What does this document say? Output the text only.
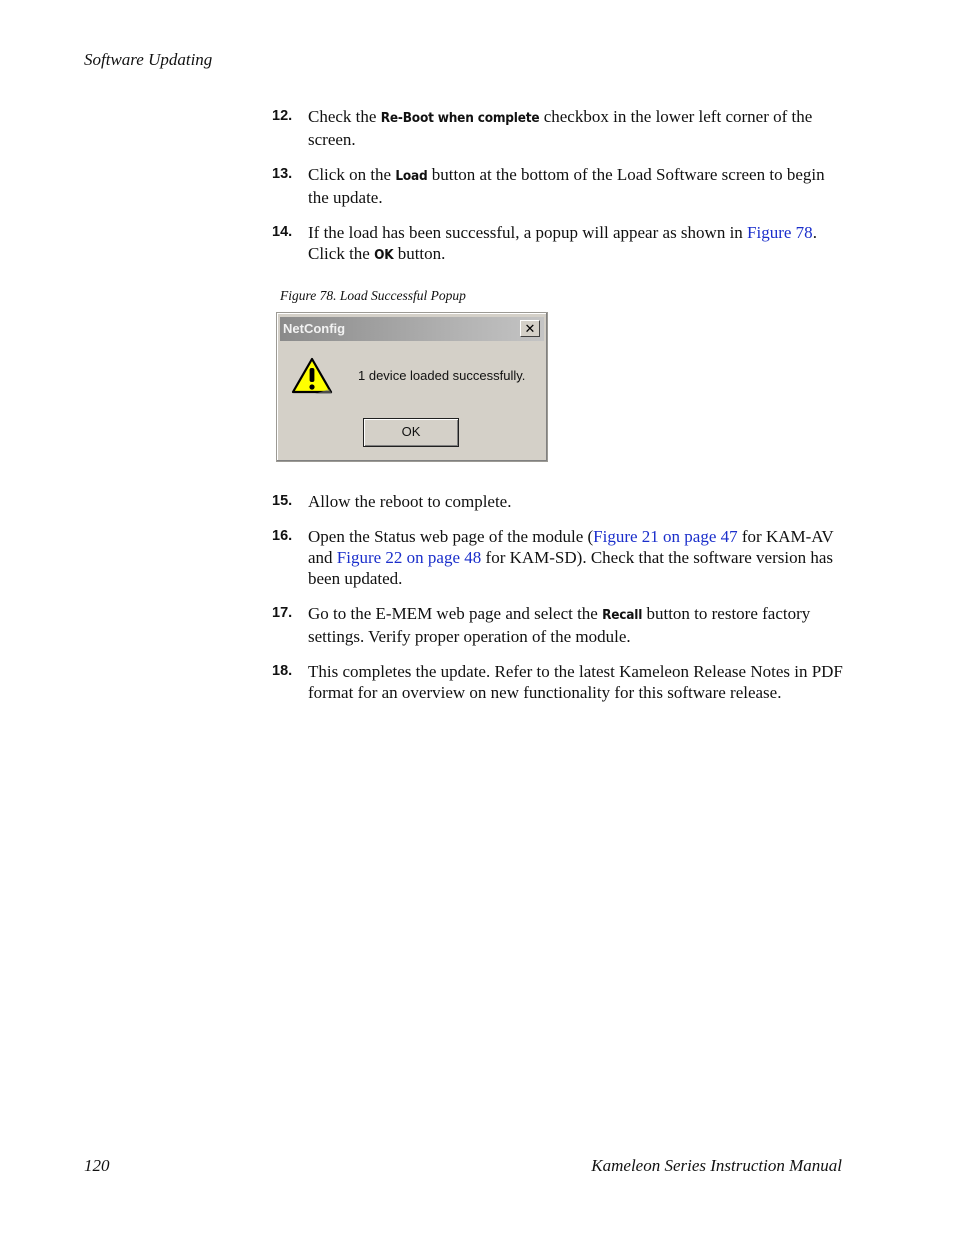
Software Updating
12. Check the Re-Boot when complete checkbox in the lower left corner of the screen.
13. Click on the Load button at the bottom of the Load Software screen to begin the update.
14. If the load has been successful, a popup will appear as shown in Figure 78. Click the OK button.
Figure 78. Load Successful Popup
NetConfig	✕
1 device loaded successfully.
OK
15. Allow the reboot to complete.
16. Open the Status web page of the module (Figure 21 on page 47 for KAM-AV and Figure 22 on page 48 for KAM-SD). Check that the software version has been updated.
17. Go to the E-MEM web page and select the Recall button to restore factory settings. Verify proper operation of the module.
18. This completes the update. Refer to the latest Kameleon Release Notes in PDF format for an overview on new functionality for this software release.
120	Kameleon Series Instruction Manual
